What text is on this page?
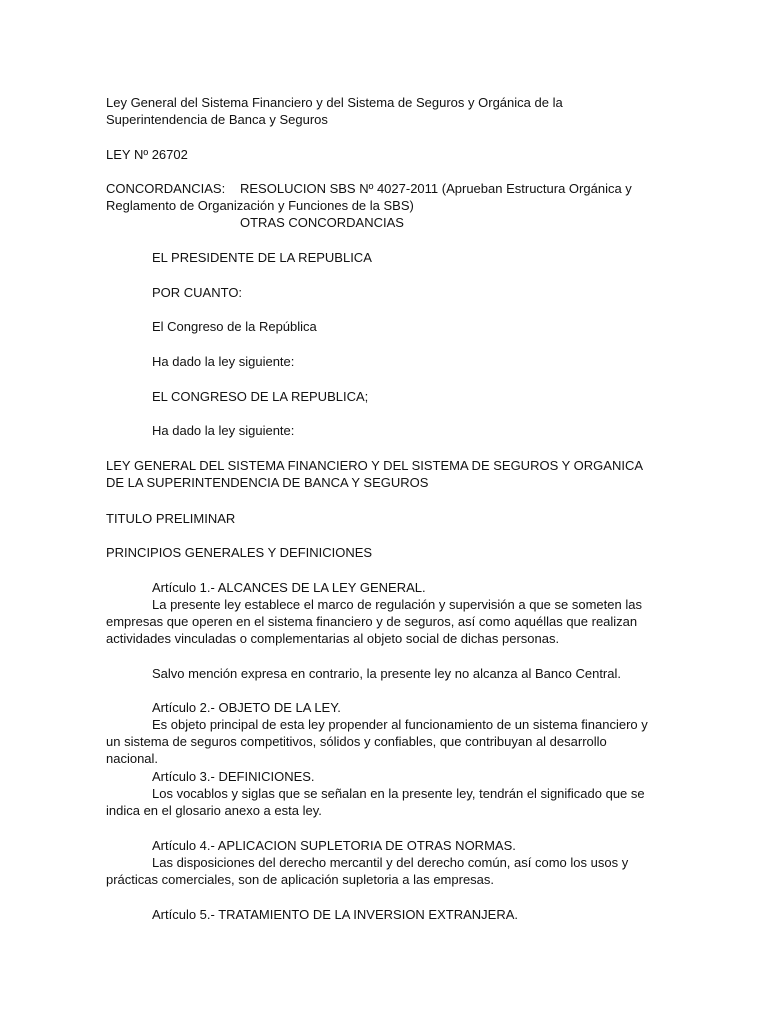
Ley General del Sistema Financiero y del Sistema de Seguros y Orgánica de la Superintendencia de Banca y Seguros

LEY Nº 26702

CONCORDANCIAS: RESOLUCION SBS Nº 4027-2011 (Aprueban Estructura Orgánica y Reglamento de Organización y Funciones de la SBS)
OTRAS CONCORDANCIAS

EL PRESIDENTE DE LA REPUBLICA

POR CUANTO:

El Congreso de la República

Ha dado la ley siguiente:

EL CONGRESO DE LA REPUBLICA;

Ha dado la ley siguiente:

LEY GENERAL DEL SISTEMA FINANCIERO Y DEL SISTEMA DE SEGUROS Y ORGANICA DE LA SUPERINTENDENCIA DE BANCA Y SEGUROS

TITULO PRELIMINAR

PRINCIPIOS GENERALES Y DEFINICIONES

Artículo 1.- ALCANCES DE LA LEY GENERAL.

La presente ley establece el marco de regulación y supervisión a que se someten las empresas que operen en el sistema financiero y de seguros, así como aquéllas que realizan actividades vinculadas o complementarias al objeto social de dichas personas.

Salvo mención expresa en contrario, la presente ley no alcanza al Banco Central.

Artículo 2.- OBJETO DE LA LEY.

Es objeto principal de esta ley propender al funcionamiento de un sistema financiero y un sistema de seguros competitivos, sólidos y confiables, que contribuyan al desarrollo nacional.

Artículo 3.- DEFINICIONES.

Los vocablos y siglas que se señalan en la presente ley, tendrán el significado que se indica en el glosario anexo a esta ley.

Artículo 4.- APLICACION SUPLETORIA DE OTRAS NORMAS.

Las disposiciones del derecho mercantil y del derecho común, así como los usos y prácticas comerciales, son de aplicación supletoria a las empresas.

Artículo 5.- TRATAMIENTO DE LA INVERSION EXTRANJERA.
